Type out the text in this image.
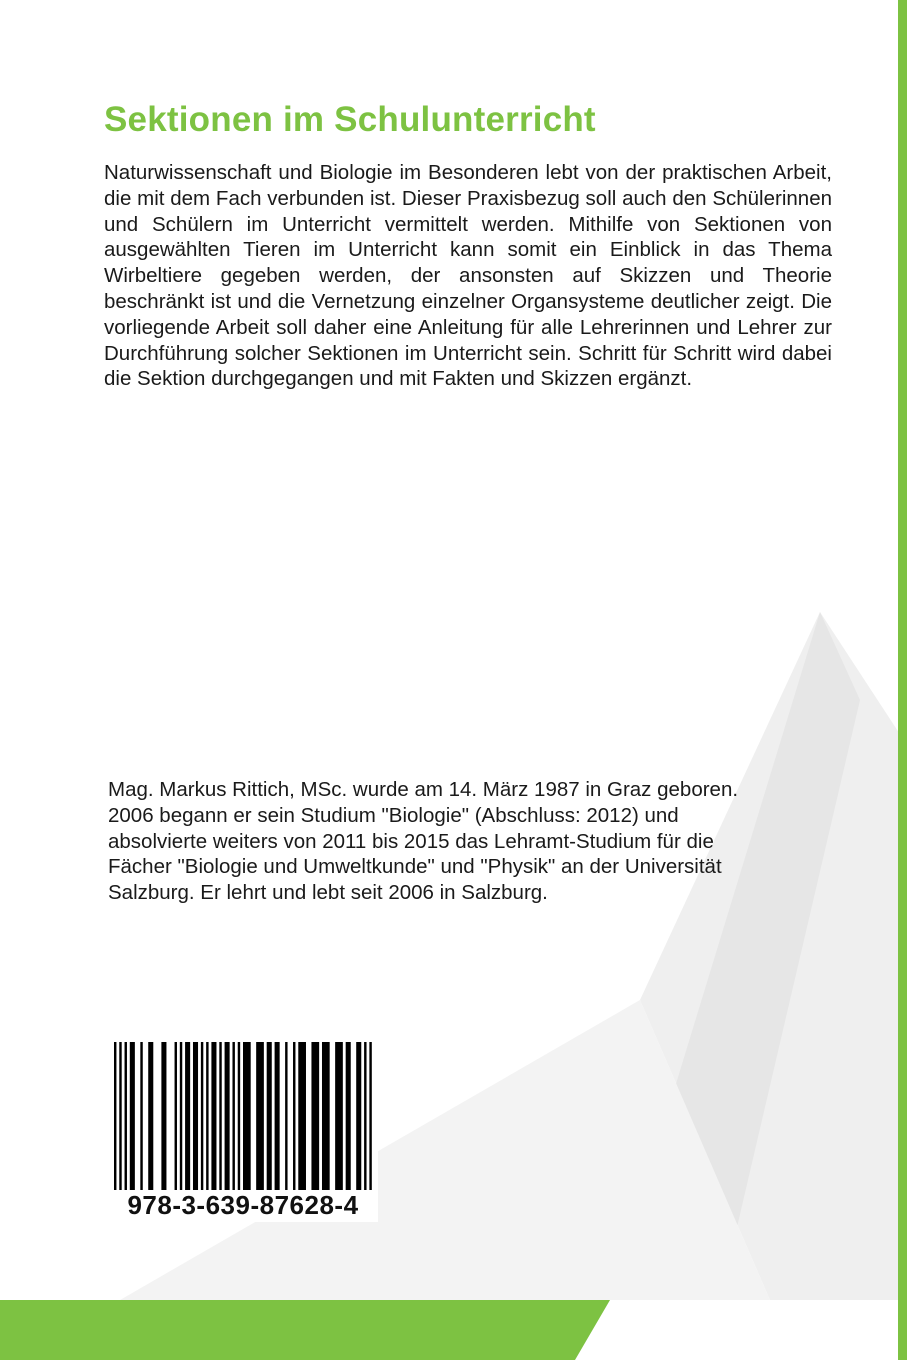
Sektionen im Schulunterricht

Naturwissenschaft und Biologie im Besonderen lebt von der praktischen Arbeit, die mit dem Fach verbunden ist. Dieser Praxisbezug soll auch den Schülerinnen und Schülern im Unterricht vermittelt werden. Mithilfe von Sektionen von ausgewählten Tieren im Unterricht kann somit ein Einblick in das Thema Wirbeltiere gegeben werden, der ansonsten auf Skizzen und Theorie beschränkt ist und die Vernetzung einzelner Organsysteme deutlicher zeigt. Die vorliegende Arbeit soll daher eine Anleitung für alle Lehrerinnen und Lehrer zur Durchführung solcher Sektionen im Unterricht sein. Schritt für Schritt wird dabei die Sektion durchgegangen und mit Fakten und Skizzen ergänzt.

Mag. Markus Rittich, MSc. wurde am 14. März 1987 in Graz geboren.
2006 begann er sein Studium "Biologie" (Abschluss: 2012) und
absolvierte weiters von 2011 bis 2015 das Lehramt-Studium für die
Fächer "Biologie und Umweltkunde" und "Physik" an der Universität
Salzburg. Er lehrt und lebt seit 2006 in Salzburg.
978-3-639-87628-4
